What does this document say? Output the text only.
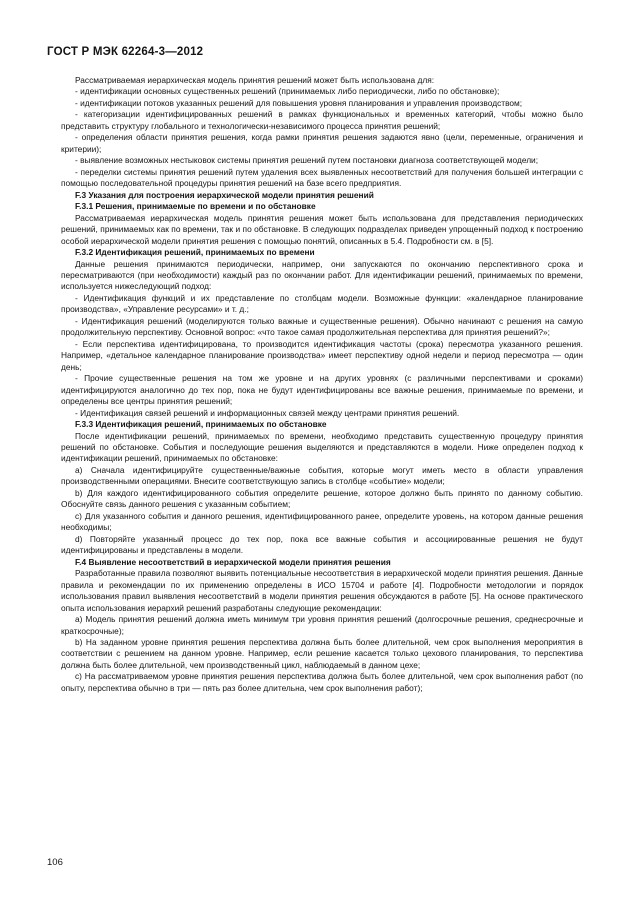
ГОСТ Р МЭК 62264-3—2012

Рассматриваемая иерархическая модель принятия решений может быть использована для:

- идентификации основных существенных решений (принимаемых либо периодически, либо по обстановке);

- идентификации потоков указанных решений для повышения уровня планирования и управления производством;

- категоризации идентифицированных решений в рамках функциональных и временных категорий, чтобы можно было представить структуру глобального и технологически-независимого процесса принятия решений;

- определения области принятия решения, когда рамки принятия решения задаются явно (цели, переменные, ограничения и критерии);

- выявление возможных нестыковок системы принятия решений путем постановки диагноза соответствующей модели;

- переделки системы принятия решений путем удаления всех выявленных несоответствий для получения большей интеграции с помощью последовательной процедуры принятия решений на базе всего предприятия.

F.3 Указания для построения иерархической модели принятия решений

F.3.1 Решения, принимаемые по времени и по обстановке

Рассматриваемая иерархическая модель принятия решения может быть использована для представления периодических решений, принимаемых как по времени, так и по обстановке. В следующих подразделах приведен упрощенный подход к построению особой иерархической модели принятия решения с помощью понятий, описанных в 5.4. Подробности см. в [5].

F.3.2 Идентификация решений, принимаемых по времени

Данные решения принимаются периодически, например, они запускаются по окончанию перспективного срока и пересматриваются (при необходимости) каждый раз по окончании работ. Для идентификации решений, принимаемых по времени, используется нижеследующий подход:

- Идентификация функций и их представление по столбцам модели. Возможные функции: «календарное планирование производства», «Управление ресурсами» и т. д.;

- Идентификация решений (моделируются только важные и существенные решения). Обычно начинают с решения на самую продолжительную перспективу. Основной вопрос: «что такое самая продолжительная перспектива для принятия решений?»;

- Если перспектива идентифицирована, то производится идентификация частоты (срока) пересмотра указанного решения. Например, «детальное календарное планирование производства» имеет перспективу одной недели и период пересмотра — один день;

- Прочие существенные решения на том же уровне и на других уровнях (с различными перспективами и сроками) идентифицируются аналогично до тех пор, пока не будут идентифицированы все важные решения, принимаемые по времени, и определены все центры принятия решений;

- Идентификация связей решений и информационных связей между центрами принятия решений.

F.3.3 Идентификация решений, принимаемых по обстановке

После идентификации решений, принимаемых по времени, необходимо представить существенную процедуру принятия решений по обстановке. События и последующие решения выделяются и представляются в модели. Ниже определен подход к идентификации решений, принимаемых по обстановке:

a) Сначала идентифицируйте существенные/важные события, которые могут иметь место в области управления производственными операциями. Внесите соответствующую запись в столбце «событие» модели;

b) Для каждого идентифицированного события определите решение, которое должно быть принято по данному событию. Обоснуйте связь данного решения с указанным событием;

c) Для указанного события и данного решения, идентифицированного ранее, определите уровень, на котором данные решения необходимы;

d) Повторяйте указанный процесс до тех пор, пока все важные события и ассоциированные решения не будут идентифицированы и представлены в модели.

F.4 Выявление несоответствий в иерархической модели принятия решения

Разработанные правила позволяют выявить потенциальные несоответствия в иерархической модели принятия решения. Данные правила и рекомендации по их применению определены в ИСО 15704 и работе [4]. Подробности методологии и порядок использования правил выявления несоответствий в модели принятия решения обсуждаются в работе [5]. На основе практического опыта использования иерархий решений разработаны следующие рекомендации:

a) Модель принятия решений должна иметь минимум три уровня принятия решений (долгосрочные решения, среднесрочные и краткосрочные);

b) На заданном уровне принятия решения перспектива должна быть более длительной, чем срок выполнения мероприятия в соответствии с решением на данном уровне. Например, если решение касается только цехового планирования, то перспектива должна быть более длительной, чем производственный цикл, наблюдаемый в данном цехе;

c) На рассматриваемом уровне принятия решения перспектива должна быть более длительной, чем срок выполнения работ (по опыту, перспектива обычно в три — пять раз более длительна, чем срок выполнения работ);

106
